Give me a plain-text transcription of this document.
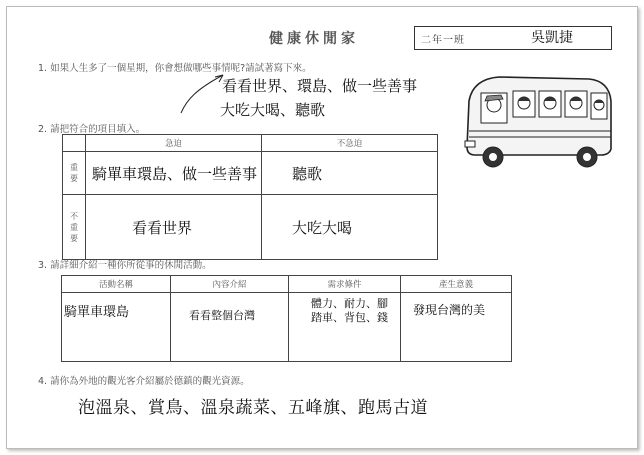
健康休閒家	二年一班	吳凱捷
1. 如果人生多了一個星期，你會想做哪些事情呢?請試著寫下來。
看看世界、環島、做一些善事
大吃大喝、聽歌
2. 請把符合的項目填入。
	急迫	不急迫

重要	騎單車環島、做一些善事	聽歌

不重要	看看世界	大吃大喝
3. 請詳細介紹一種你所從事的休閒活動。
活動名稱	內容介紹	需求條件	產生意義
騎單車環島	看看整個台灣	體力、耐力、腳踏車、背包、錢	發現台灣的美
4. 請你為外地的觀光客介紹屬於德鎮的觀光資源。
泡溫泉、賞鳥、溫泉蔬菜、五峰旗、跑馬古道
